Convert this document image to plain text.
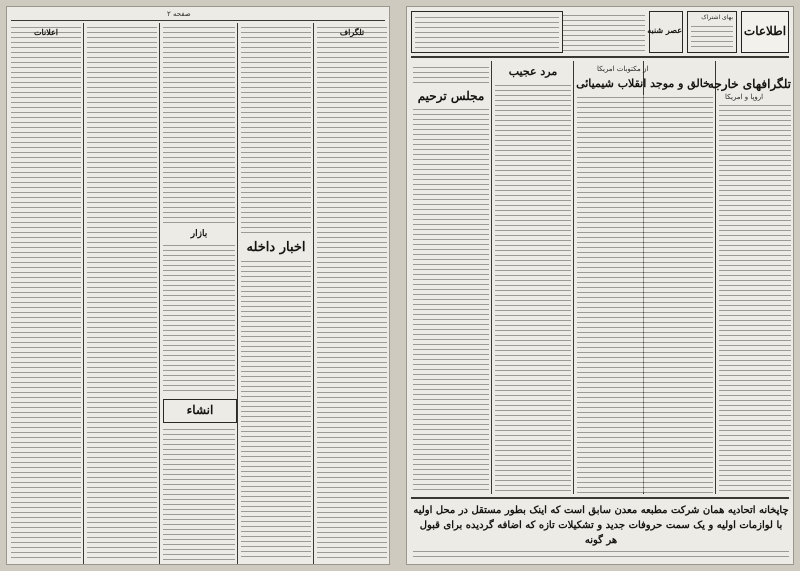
صفحه ۲
اخبار داخله
بازار
انشاء
تلگراف
اعلانات	اطلاعات
بهای اشتراک
عصر شنبه
تلگرافهای خارجه
اروپا و امریکا
از مکتوبات امریکا
خالق و موجد انقلاب شیمیائی
مرد عجیب
مجلس ترحیم
چاپخانه اتحادیه همان شرکت مطبعه معدن سابق است که اینک بطور مستقل در محل اولیه با لوازمات اولیه و یک سمت حروفات جدید و تشکیلات تازه که اضافه گردیده برای قبول هر گونه
